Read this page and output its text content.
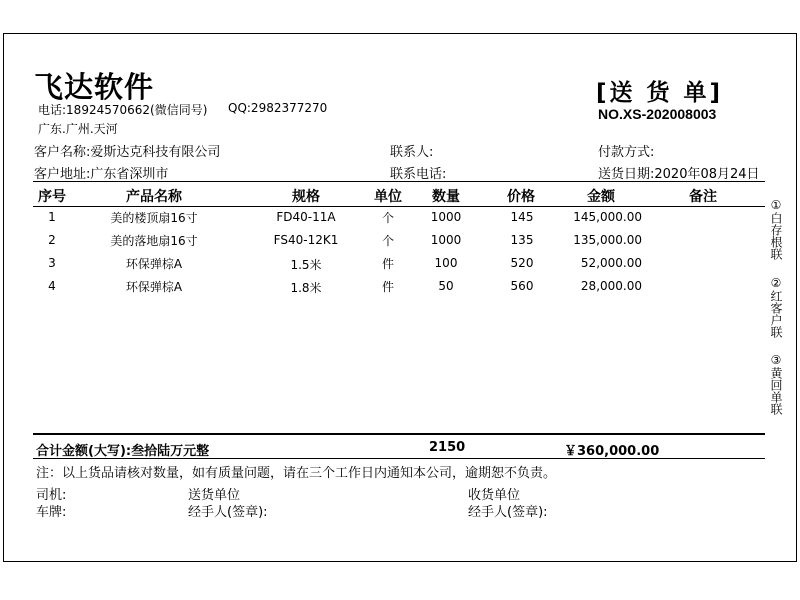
飞达软件
电话:18924570662(微信同号) QQ:2982377270
广东.广州.天河
[送 货 单]
NO.XS-202008003
客户名称:爱斯达克科技有限公司	联系人:	付款方式:
客户地址:广东省深圳市	联系电话:	送货日期:2020年08月24日
序号	产品名称	规格	单位 数量	价格	金额	备注
1	美的楼顶扇16寸	FD40-11A	个	1000	145	145,000.00
2	美的落地扇16寸	FS40-12K1	个	1000	135	135,000.00
3	环保弹棕A	1.5米	件	100	520	52,000.00
4	环保弹棕A	1.8米	件	50	560	28,000.00
①白存根联
②红客户联
③黄回单联
合计金额(大写):叁拾陆万元整	2150	￥360,000.00
注：以上货品请核对数量，如有质量问题，请在三个工作日内通知本公司，逾期恕不负责。
司机:
车牌:
送货单位
经手人(签章):
收货单位
经手人(签章):
